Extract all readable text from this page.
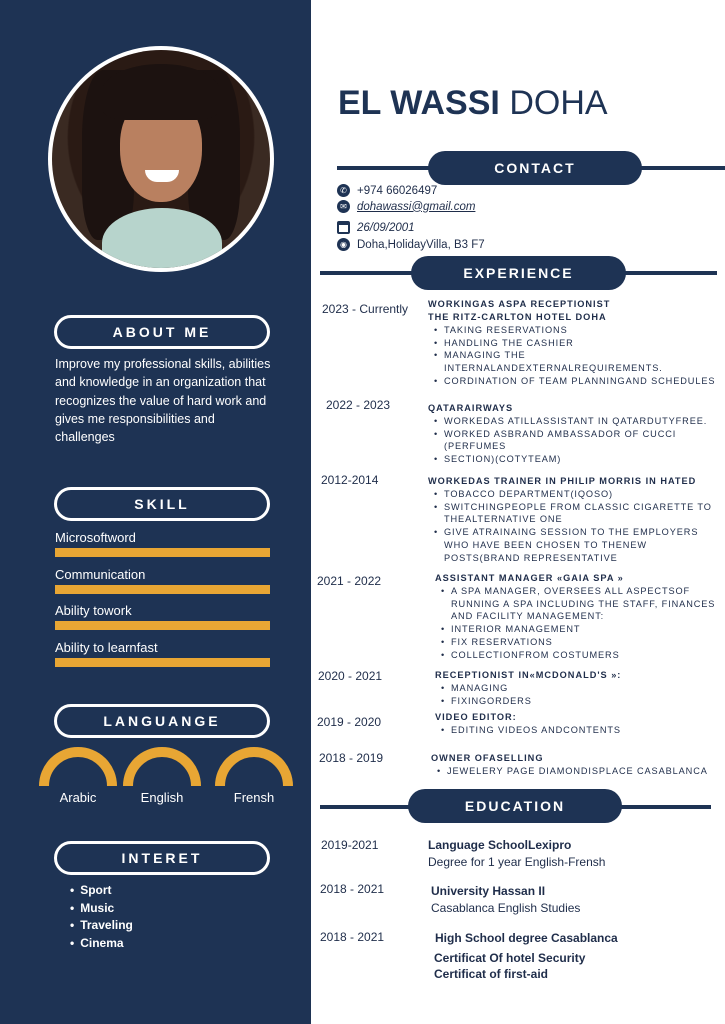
ABOUT ME

Improve my professional skills, abilities and knowledge in an organization that recognizes the value of hard work and gives me responsibilities and challenges

SKILL
Microsoftword
Communication
Ability towork
Ability to learnfast
LANGUANGE
Arabic	English	Frensh
INTERET
• Sport
• Music
• Traveling
• Cinema
EL WASSI DOHA
CONTACT
✆ +974 66026497
✉ dohawassi@gmail.com
26/09/2001
◉ Doha,HolidayVilla, B3 F7
EXPERIENCE
2023 - Currently WORKINGAS ASPA RECEPTIONIST
THE RITZ-CARLTON HOTEL DOHA
• TAKING RESERVATIONS
• HANDLING THE CASHIER
• MANAGING THE INTERNALANDEXTERNALREQUIREMENTS.
• CORDINATION OF TEAM PLANNINGAND SCHEDULES
2022 - 2023	QATARAIRWAYS
• WORKEDAS ATILLASSISTANT IN QATARDUTYFREE.
• WORKED ASBRAND AMBASSADOR OF CUCCI (PERFUMES
• SECTION)(COTYTEAM)
2012-2014	WORKEDAS TRAINER IN PHILIP MORRIS IN HATED
• TOBACCO DEPARTMENT(IQOSO)
• SWITCHINGPEOPLE FROM CLASSIC CIGARETTE TO THEALTERNATIVE ONE
• GIVE ATRAINAING SESSION TO THE EMPLOYERS WHO HAVE BEEN CHOSEN TO THENEW POSTS(BRAND REPRESENTATIVE
2021 - 2022	ASSISTANT MANAGER «GAIA SPA »
• A SPA MANAGER, OVERSEES ALL ASPECTSOF RUNNING A SPA INCLUDING THE STAFF, FINANCES AND FACILITY MANAGEMENT:
• INTERIOR MANAGEMENT
• FIX RESERVATIONS
• COLLECTIONFROM COSTUMERS
2020 - 2021	RECEPTIONIST IN«MCDONALD'S »:
• MANAGING
• FIXINGORDERS
2019 - 2020	VIDEO EDITOR:
• EDITING VIDEOS ANDCONTENTS
2018 - 2019	OWNER OFASELLING
• JEWELERY PAGE DIAMONDISPLACE CASABLANCA
EDUCATION
2019-2021	Language SchoolLexipro
Degree for 1 year English-Frensh
2018 - 2021	University Hassan II
Casablanca English Studies
2018 - 2021	High School degree Casablanca
Certificat Of hotel Security
Certificat of first-aid
